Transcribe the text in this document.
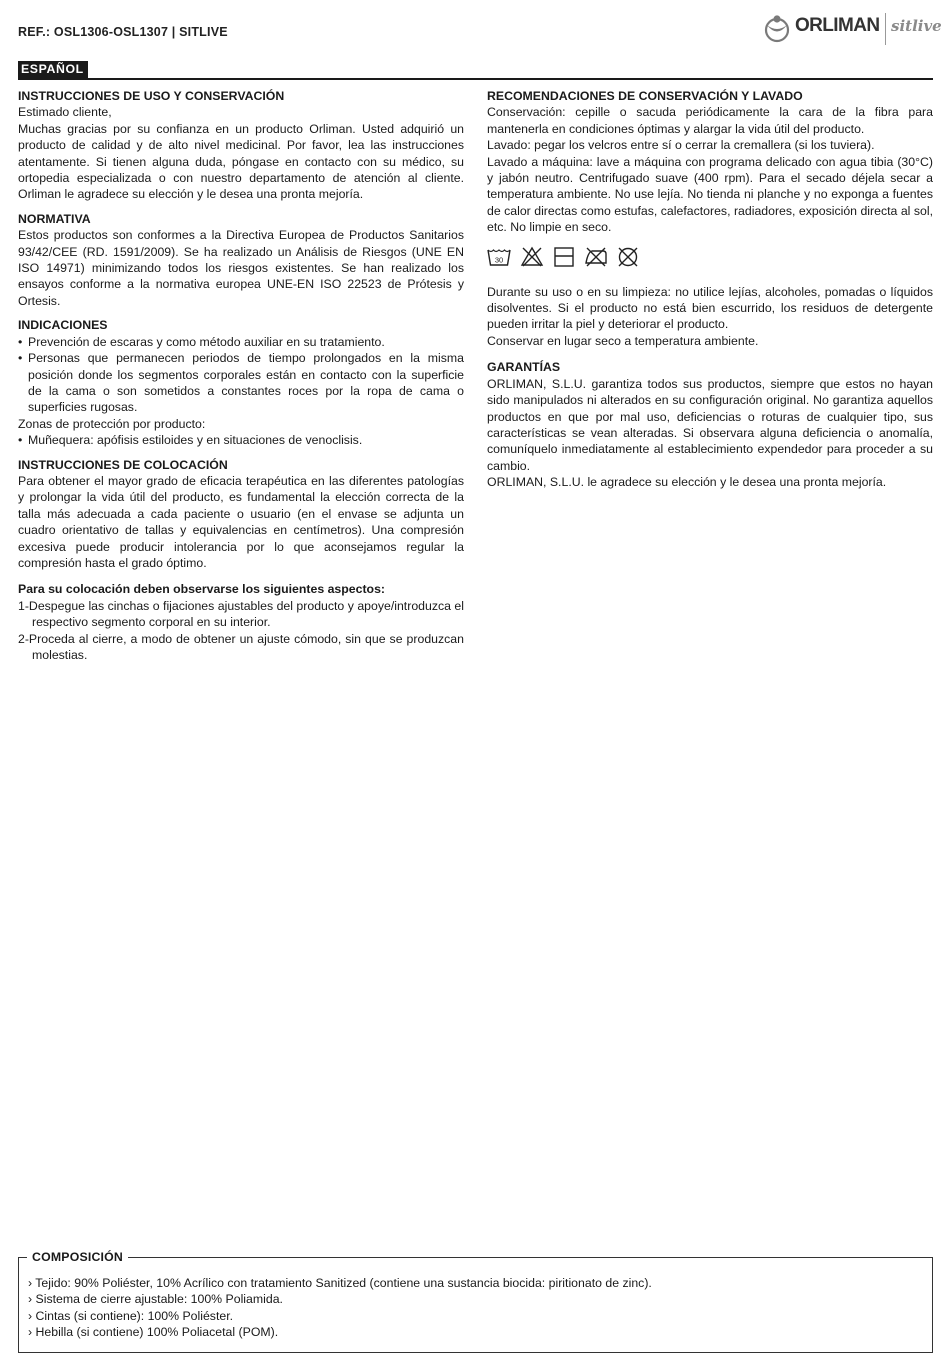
REF.: OSL1306-OSL1307 | SITLIVE	ORLIMAN sitlive
ESPAÑOL
INSTRUCCIONES DE USO Y CONSERVACIÓN

Estimado cliente,

Muchas gracias por su confianza en un producto Orliman. Usted adquirió un producto de calidad y de alto nivel medicinal. Por favor, lea las instrucciones atentamente. Si tienen alguna duda, póngase en contacto con su médico, su ortopedia especializada o con nuestro departamento de atención al cliente. Orliman le agradece su elección y le desea una pronta mejoría.

NORMATIVA

Estos productos son conformes a la Directiva Europea de Productos Sanitarios 93/42/CEE (RD. 1591/2009). Se ha realizado un Análisis de Riesgos (UNE EN ISO 14971) minimizando todos los riesgos existentes. Se han realizado los ensayos conforme a la normativa europea UNE-EN ISO 22523 de Prótesis y Ortesis.

INDICACIONES
• Prevención de escaras y como método auxiliar en su tratamiento.
• Personas que permanecen periodos de tiempo prolongados en la misma posición donde los segmentos corporales están en contacto con la superficie de la cama o son sometidos a constantes roces por la ropa de cama o superficies rugosas.

Zonas de protección por producto:

• Muñequera: apófisis estiloides y en situaciones de venoclisis.
INSTRUCCIONES DE COLOCACIÓN

Para obtener el mayor grado de eficacia terapéutica en las diferentes patologías y prolongar la vida útil del producto, es fundamental la elección correcta de la talla más adecuada a cada paciente o usuario (en el envase se adjunta un cuadro orientativo de tallas y equivalencias en centímetros). Una compresión excesiva puede producir intolerancia por lo que aconsejamos regular la compresión hasta el grado óptimo.

Para su colocación deben observarse los siguientes aspectos:

1-Despegue las cinchas o fijaciones ajustables del producto y apoye/introduzca el respectivo segmento corporal en su interior.
2-Proceda al cierre, a modo de obtener un ajuste cómodo, sin que se produzcan molestias.
RECOMENDACIONES DE CONSERVACIÓN Y LAVADO

Conservación: cepille o sacuda periódicamente la cara de la fibra para mantenerla en condiciones óptimas y alargar la vida útil del producto.

Lavado: pegar los velcros entre sí o cerrar la cremallera (si los tuviera).

Lavado a máquina: lave a máquina con programa delicado con agua tibia (30°C) y jabón neutro. Centrifugado suave (400 rpm). Para el secado déjela secar a temperatura ambiente. No use lejía. No tienda ni planche y no exponga a fuentes de calor directas como estufas, calefactores, radiadores, exposición directa al sol, etc. No limpie en seco.

30

Durante su uso o en su limpieza: no utilice lejías, alcoholes, pomadas o líquidos disolventes. Si el producto no está bien escurrido, los residuos de detergente pueden irritar la piel y deteriorar el producto.

Conservar en lugar seco a temperatura ambiente.

GARANTÍAS

ORLIMAN, S.L.U. garantiza todos sus productos, siempre que estos no hayan sido manipulados ni alterados en su configuración original. No garantiza aquellos productos en que por mal uso, deficiencias o roturas de cualquier tipo, sus características se vean alteradas. Si observara alguna deficiencia o anomalía, comuníquelo inmediatamente al establecimiento expendedor para proceder a su cambio.

ORLIMAN, S.L.U. le agradece su elección y le desea una pronta mejoría.

COMPOSICIÓN
› Tejido: 90% Poliéster, 10% Acrílico con tratamiento Sanitized (contiene una sustancia biocida: piritionato de zinc).
› Sistema de cierre ajustable: 100% Poliamida.
› Cintas (si contiene): 100% Poliéster.
› Hebilla (si contiene) 100% Poliacetal (POM).
